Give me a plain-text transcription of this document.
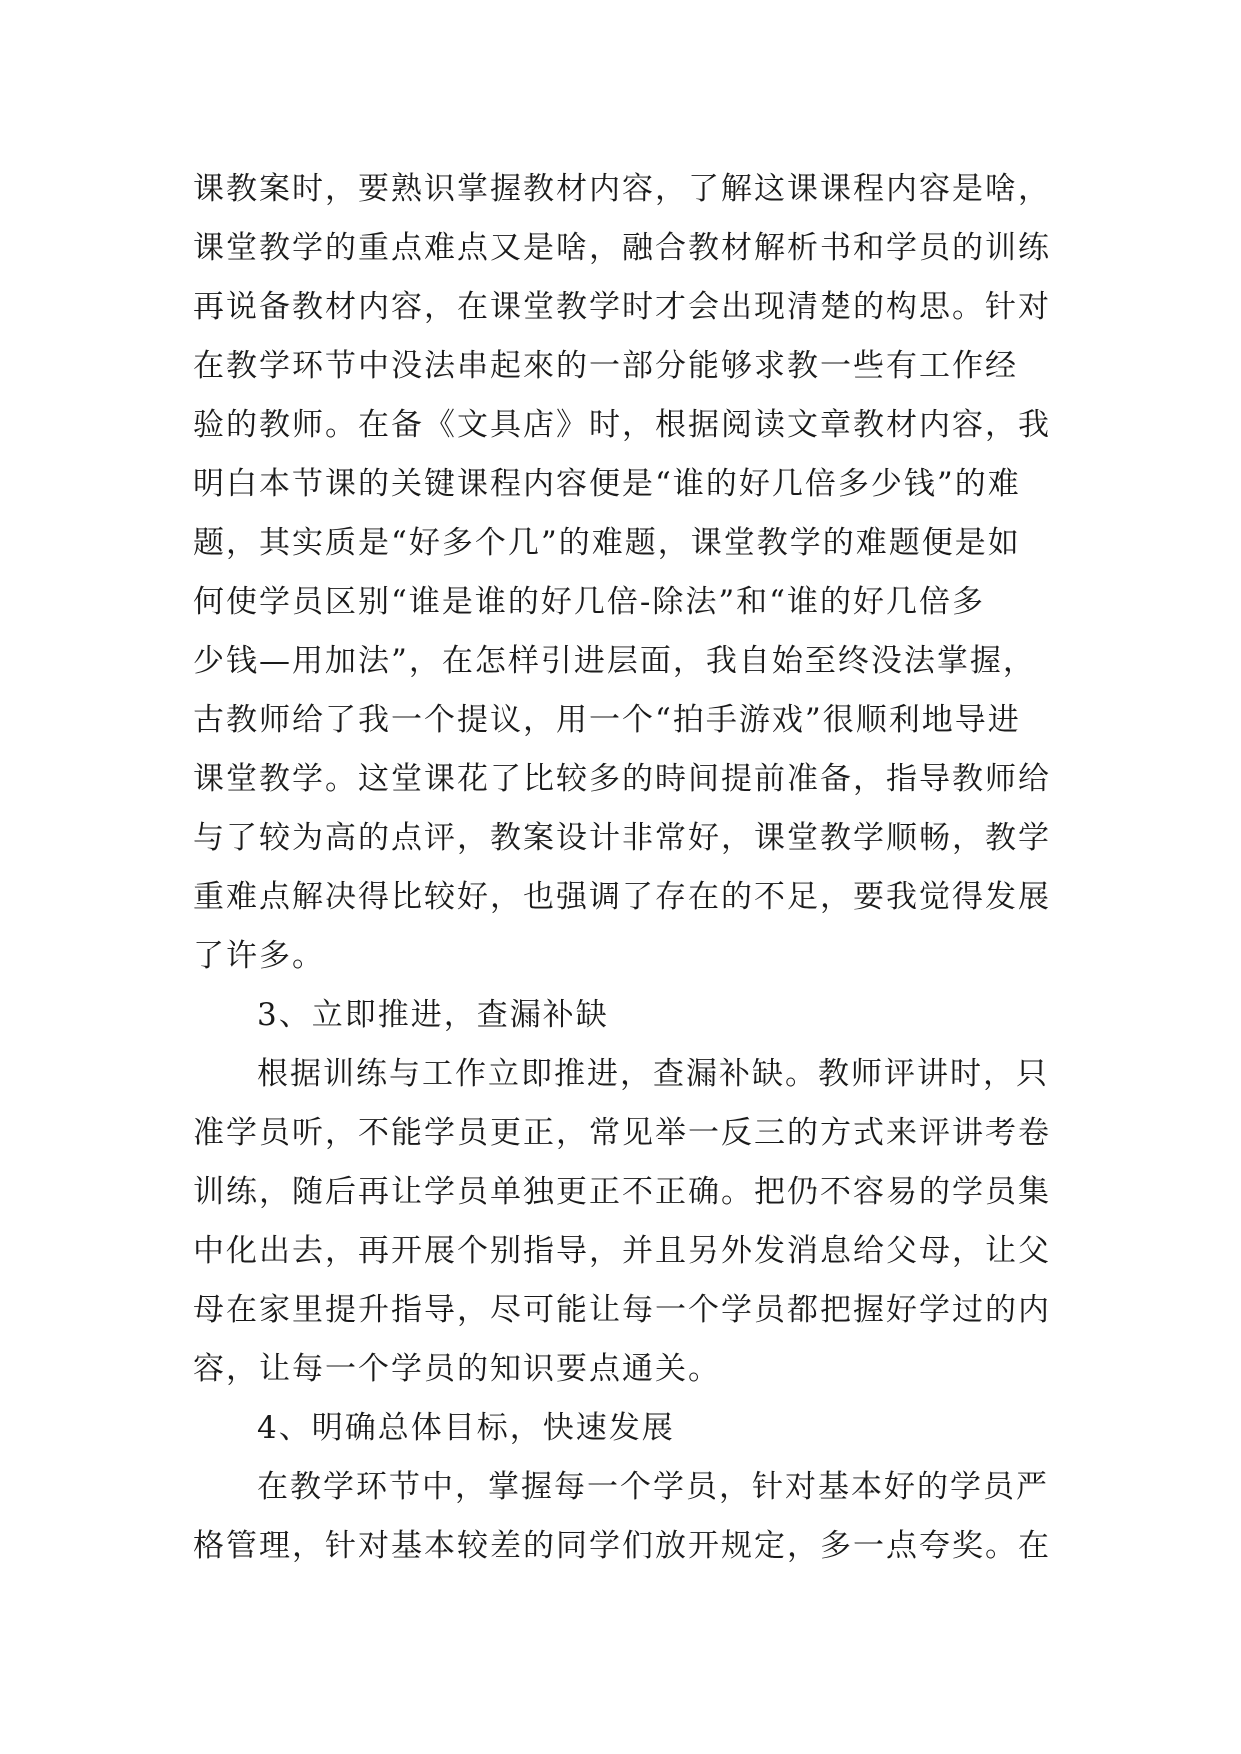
课教案时，要熟识掌握教材内容，了解这课课程内容是啥，
课堂教学的重点难点又是啥，融合教材解析书和学员的训练
再说备教材内容，在课堂教学时才会出现清楚的构思。针对
在教学环节中没法串起來的一部分能够求教一些有工作经
验的教师。在备《文具店》时，根据阅读文章教材内容，我
明白本节课的关键课程内容便是“谁的好几倍多少钱”的难
题，其实质是“好多个几”的难题，课堂教学的难题便是如
何使学员区别“谁是谁的好几倍-除法”和“谁的好几倍多
少钱—用加法”，在怎样引进层面，我自始至终没法掌握，
古教师给了我一个提议，用一个“拍手游戏”很顺利地导进
课堂教学。这堂课花了比较多的時间提前准备，指导教师给
与了较为高的点评，教案设计非常好，课堂教学顺畅，教学
重难点解决得比较好，也强调了存在的不足，要我觉得发展
了许多。
3、立即推进，查漏补缺
根据训练与工作立即推进，查漏补缺。教师评讲时，只
准学员听，不能学员更正，常见举一反三的方式来评讲考卷
训练，随后再让学员单独更正不正确。把仍不容易的学员集
中化出去，再开展个别指导，并且另外发消息给父母，让父
母在家里提升指导，尽可能让每一个学员都把握好学过的内
容，让每一个学员的知识要点通关。
4、明确总体目标，快速发展
在教学环节中，掌握每一个学员，针对基本好的学员严
格管理，针对基本较差的同学们放开规定，多一点夸奖。在
